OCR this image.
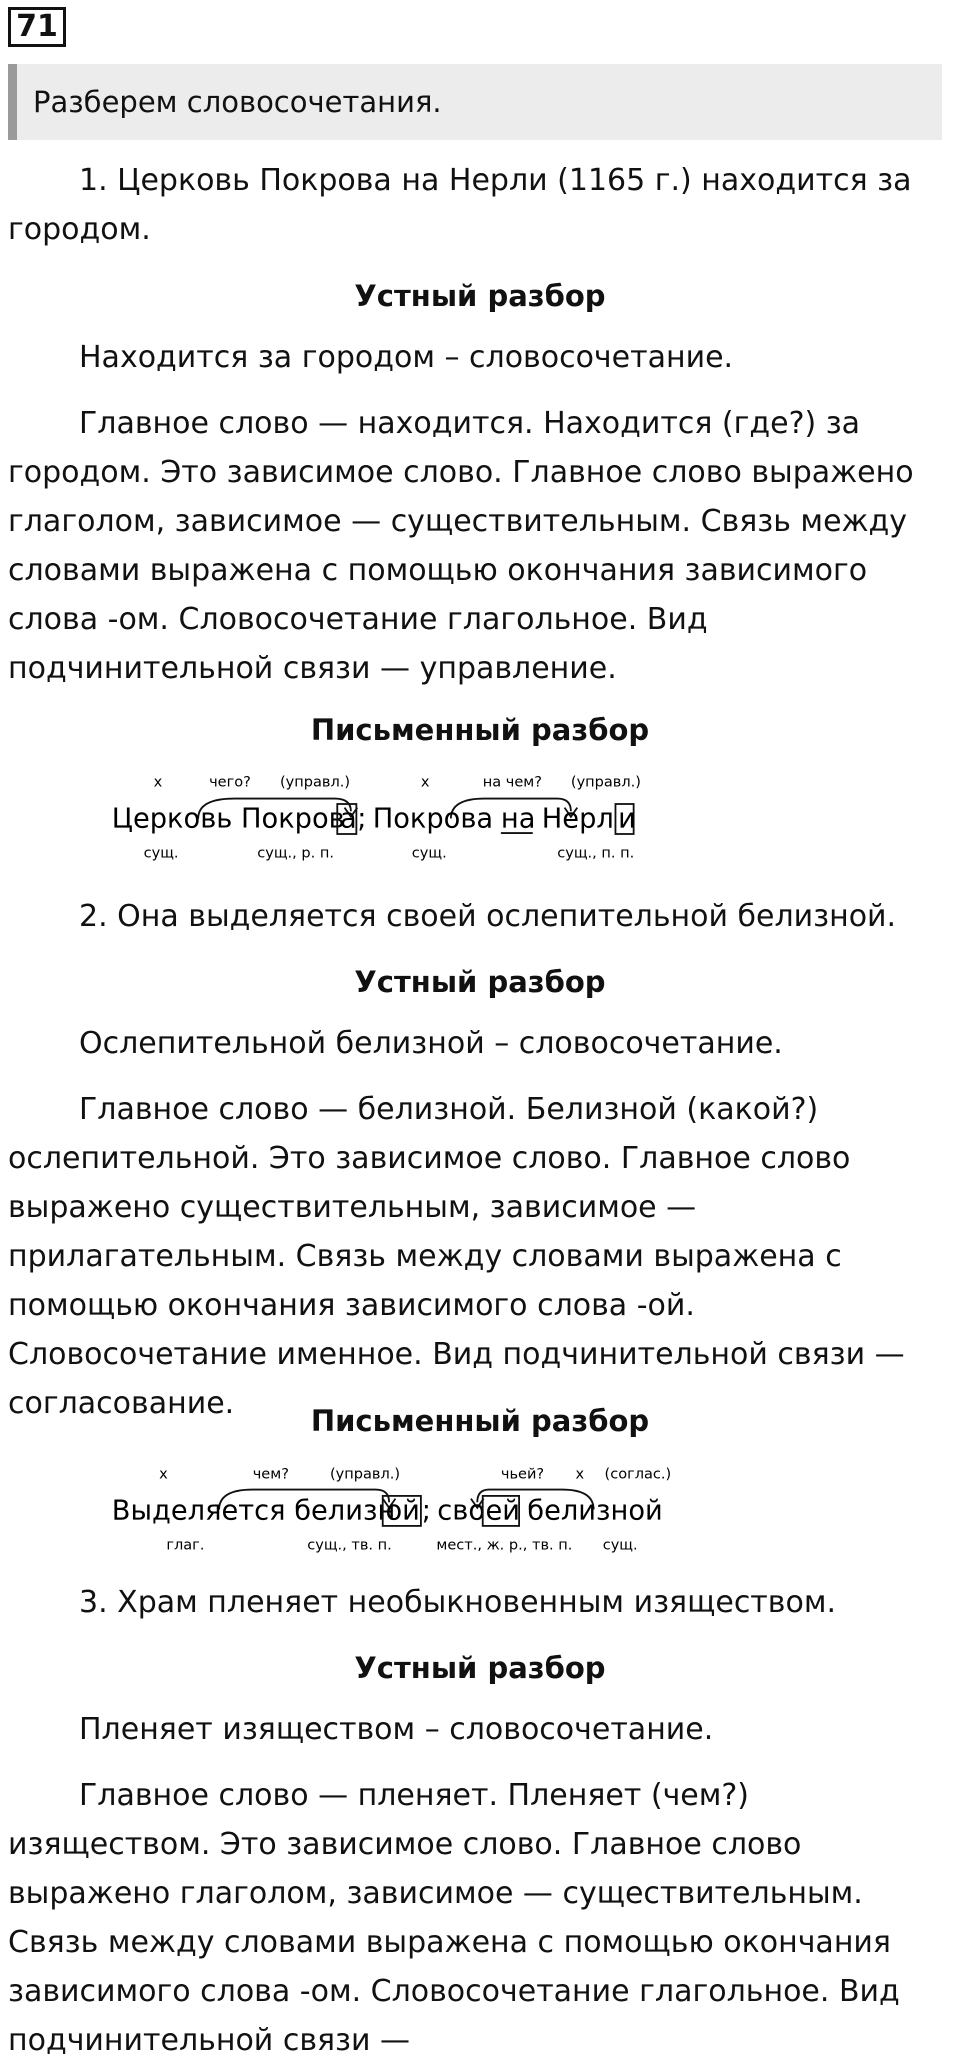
71
Разберем словосочетания.

1. Церковь Покрова на Нерли (1165 г.) находится за городом.

Устный разбор

Находится за городом – словосочетание.

Главное слово — находится. Находится (где?) за городом. Это зависимое слово. Главное слово выражено глаголом, зависимое — существительным. Связь между словами выражена с помощью окончания зависимого слова -ом. Словосочетание глагольное. Вид подчинительной связи — управление.

Письменный разбор

х	чего? (управл.)	х	на чем? (управл.)
Церковь Покров
а ; Покрова на Нерл и
сущ.	сущ., р. п.	сущ.	сущ., п. п.

2. Она выделяется своей ослепительной белизной.

Устный разбор

Ослепительной белизной – словосочетание.

Главное слово — белизной. Белизной (какой?) ослепительной. Это зависимое слово. Главное слово выражено существительным, зависимое — прилагательным. Связь между словами выражена с помощью окончания зависимого слова -ой. Словосочетание именное. Вид подчинительной связи — согласование.	Письменный разбор

х	чем?	(управл.)	чьей? х (соглас.)
Выделяется белизн
ой ; сво ей белизной
глаг.	сущ., тв. п.	мест., ж. р., тв. п. сущ.

3. Храм пленяет необыкновенным изяществом.

Устный разбор

Пленяет изяществом – словосочетание.

Главное слово — пленяет. Пленяет (чем?) изяществом. Это зависимое слово. Главное слово выражено глаголом, зависимое — существительным. Связь между словами выражена с помощью окончания зависимого слова -ом. Словосочетание глагольное. Вид подчинительной связи —
